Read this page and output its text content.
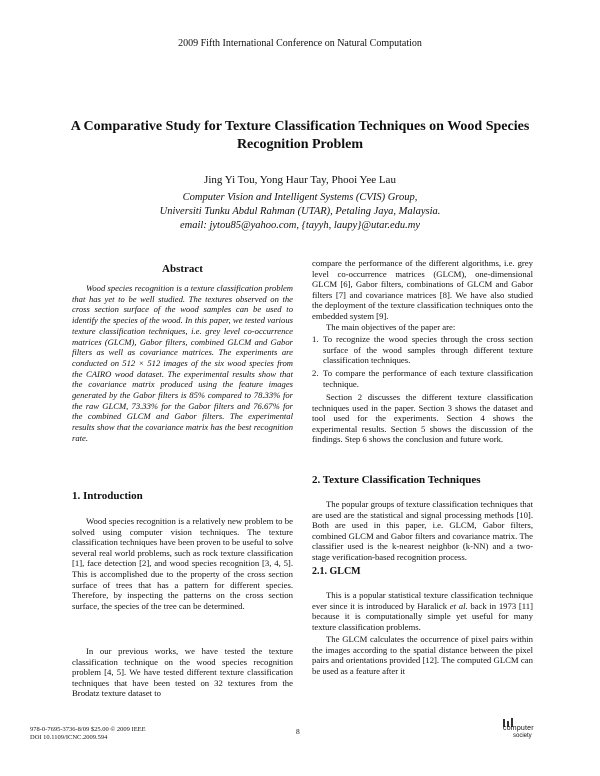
2009 Fifth International Conference on Natural Computation
A Comparative Study for Texture Classification Techniques on Wood Species
Recognition Problem
Jing Yi Tou, Yong Haur Tay, Phooi Yee Lau
Computer Vision and Intelligent Systems (CVIS) Group,
Universiti Tunku Abdul Rahman (UTAR), Petaling Jaya, Malaysia.
email: jytou85@yahoo.com, {tayyh, laupy}@utar.edu.my
Abstract
Wood species recognition is a texture classification problem that has yet to be well studied. The textures observed on the cross section surface of the wood samples can be used to identify the species of the wood. In this paper, we tested various texture classification techniques, i.e. grey level co-occurrence matrices (GLCM), Gabor filters, combined GLCM and Gabor filters as well as covariance matrices. The experiments are conducted on 512 × 512 images of the six wood species from the CAIRO wood dataset. The experimental results show that the covariance matrix produced using the feature images generated by the Gabor filters is 85% compared to 78.33% for the raw GLCM, 73.33% for the Gabor filters and 76.67% for the combined GLCM and Gabor filters. The experimental results show that the covariance matrix has the best recognition rate.
1. Introduction
Wood species recognition is a relatively new problem to be solved using computer vision techniques. The texture classification techniques have been proven to be useful to solve several real world problems, such as rock texture classification [1], face detection [2], and wood species recognition [3, 4, 5]. This is accomplished due to the property of the cross section surface of trees that has a pattern for different species. Therefore, by inspecting the patterns on the cross section surface, the species of the tree can be determined.
In our previous works, we have tested the texture classification technique on the wood species recognition problem [4, 5]. We have tested different texture classification techniques that have been tested on 32 textures from the Brodatz texture dataset to
compare the performance of the different algorithms, i.e. grey level co-occurrence matrices (GLCM), one-dimensional GLCM [6], Gabor filters, combinations of GLCM and Gabor filters [7] and covariance matrices [8]. We have also studied the deployment of the texture classification techniques onto the embedded system [9].
The main objectives of the paper are:
1. To recognize the wood species through the cross section surface of the wood samples through different texture classification techniques.
2. To compare the performance of each texture classification technique.
Section 2 discusses the different texture classification techniques used in the paper. Section 3 shows the dataset and tool used for the experiments. Section 4 shows the experimental results. Section 5 shows the discussion of the findings. Step 6 shows the conclusion and future work.
2. Texture Classification Techniques
The popular groups of texture classification techniques that are used are the statistical and signal processing methods [10]. Both are used in this paper, i.e. GLCM, Gabor filters, combined GLCM and Gabor filters and covariance matrix. The classifier used is the k-nearest neighbor (k-NN) and a two-stage verification-based recognition process.
2.1. GLCM
This is a popular statistical texture classification technique ever since it is introduced by Haralick et al. back in 1973 [11] because it is computationally simple yet useful for many texture classification problems.
The GLCM calculates the occurrence of pixel pairs within the images according to the spatial distance between the pixel pairs and orientations provided [12]. The computed GLCM can be used as a feature after it
978-0-7695-3736-8/09 $25.00 © 2009 IEEE
DOI 10.1109/ICNC.2009.594
8	computer
society
